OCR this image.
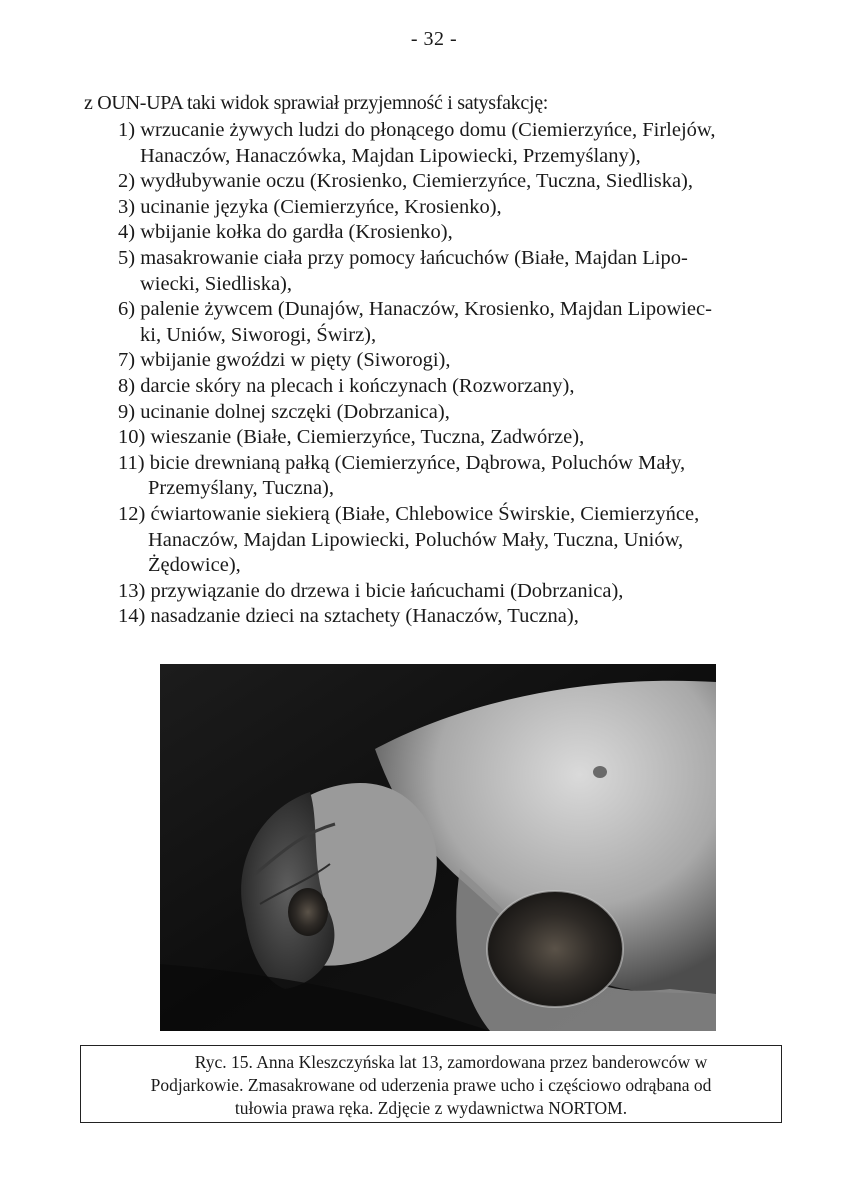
- 32 -
z OUN-UPA taki widok sprawiał przyjemność i satysfakcję:
1) wrzucanie żywych ludzi do płonącego domu (Ciemierzyńce, Firlejów,
Hanaczów, Hanaczówka, Majdan Lipowiecki, Przemyślany),
2) wydłubywanie oczu (Krosienko, Ciemierzyńce, Tuczna, Siedliska),
3) ucinanie języka (Ciemierzyńce, Krosienko),
4) wbijanie kołka do gardła (Krosienko),
5) masakrowanie ciała przy pomocy łańcuchów (Białe, Majdan Lipo-
wiecki, Siedliska),
6) palenie żywcem (Dunajów, Hanaczów, Krosienko, Majdan Lipowiec-
ki, Uniów, Siworogi, Świrz),
7) wbijanie gwoździ w pięty (Siworogi),
8) darcie skóry na plecach i kończynach (Rozworzany),
9) ucinanie dolnej szczęki (Dobrzanica),
10) wieszanie (Białe, Ciemierzyńce, Tuczna, Zadwórze),
11) bicie drewnianą pałką (Ciemierzyńce, Dąbrowa, Poluchów Mały,
Przemyślany, Tuczna),
12) ćwiartowanie siekierą (Białe, Chlebowice Świrskie, Ciemierzyńce,
Hanaczów, Majdan Lipowiecki, Poluchów Mały, Tuczna, Uniów,
Żędowice),
13) przywiązanie do drzewa i bicie łańcuchami (Dobrzanica),
14) nasadzanie dzieci na sztachety (Hanaczów, Tuczna),
Ryc. 15. Anna Kleszczyńska lat 13, zamordowana przez banderowców w
Podjarkowie. Zmasakrowane od uderzenia prawe ucho i częściowo odrąbana od
tułowia prawa ręka. Zdjęcie z wydawnictwa NORTOM.
